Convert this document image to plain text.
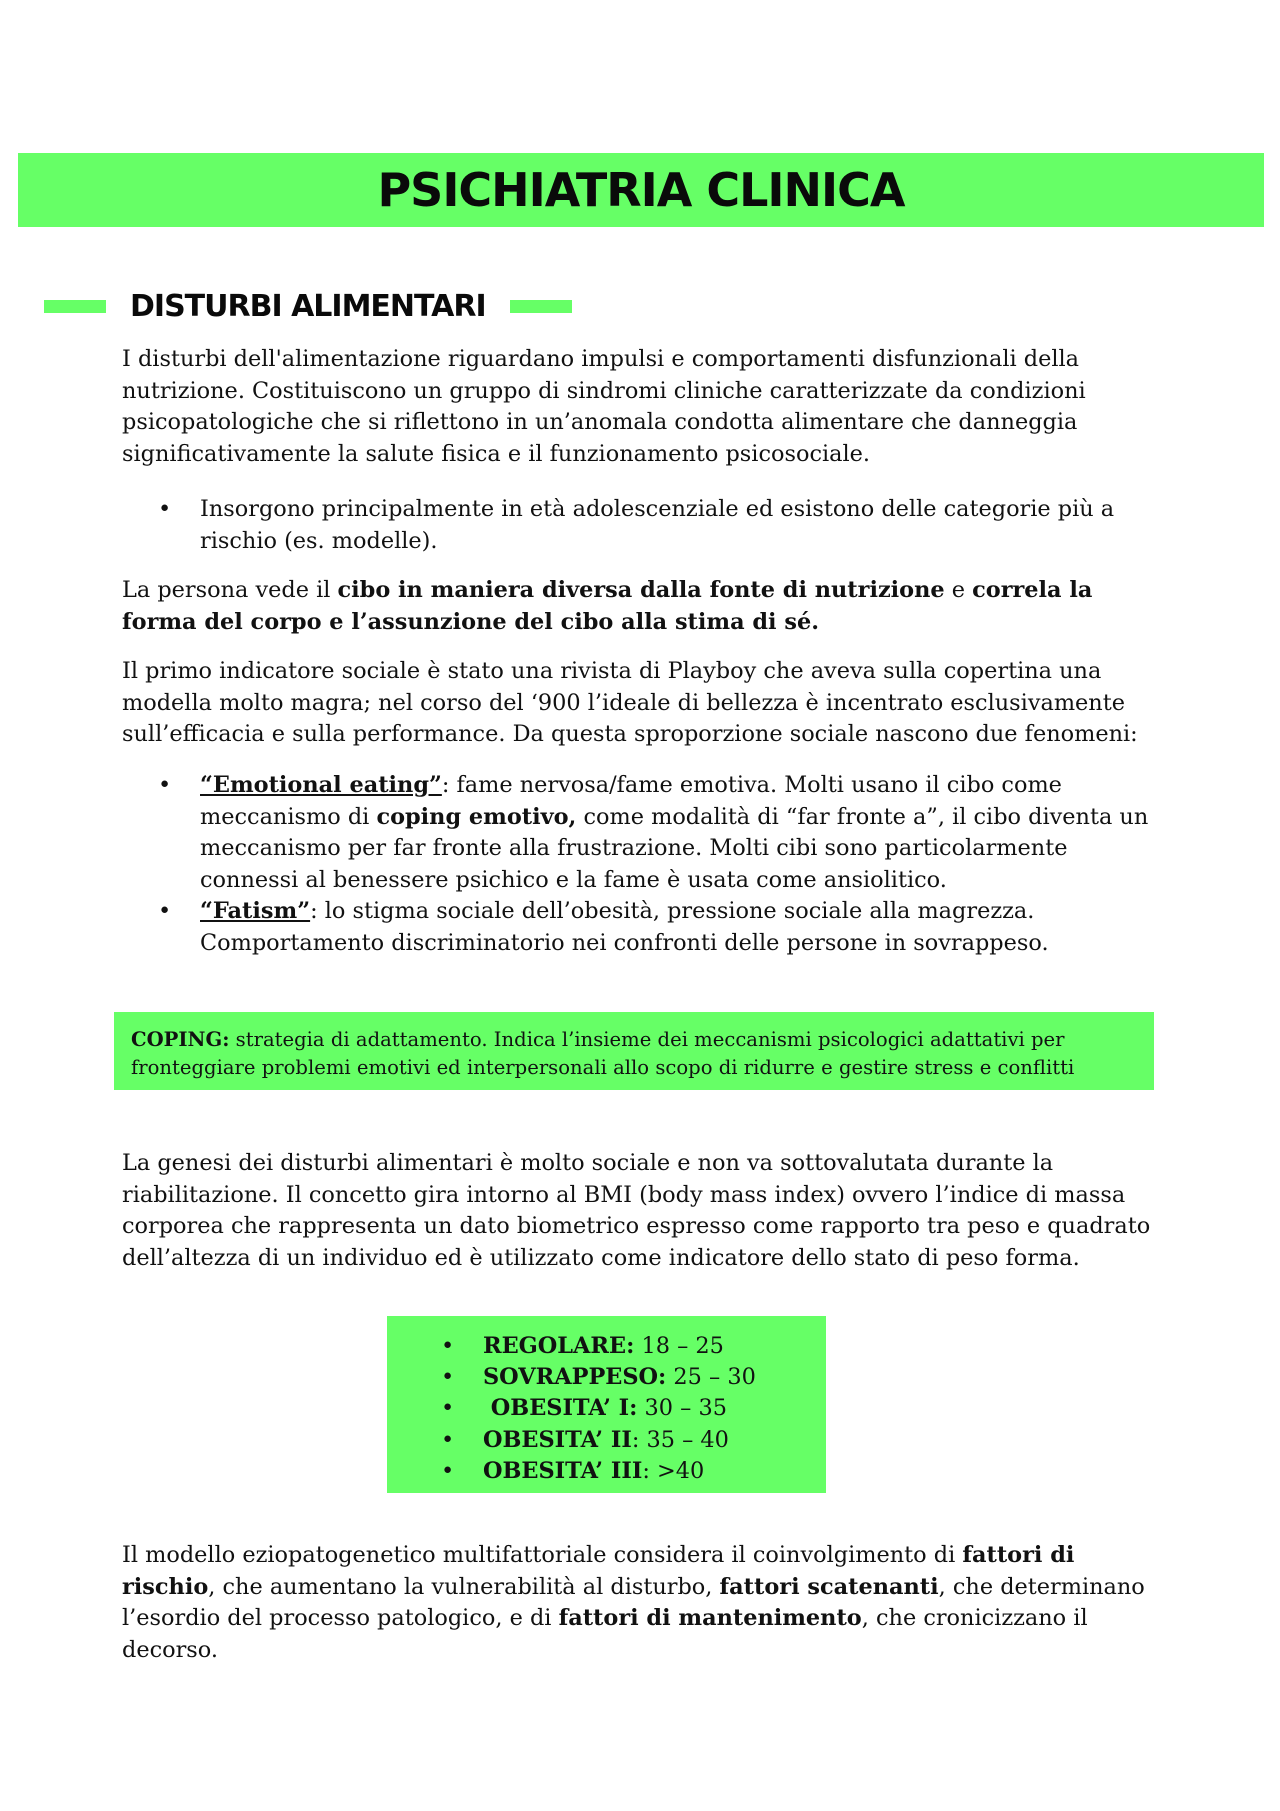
PSICHIATRIA CLINICA
DISTURBI ALIMENTARI

I disturbi dell'alimentazione riguardano impulsi e comportamenti disfunzionali della
nutrizione. Costituiscono un gruppo di sindromi cliniche caratterizzate da condizioni
psicopatologiche che si riflettono in un’anomala condotta alimentare che danneggia
significativamente la salute fisica e il funzionamento psicosociale.

• Insorgono principalmente in età adolescenziale ed esistono delle categorie più a
rischio (es. modelle).

La persona vede il cibo in maniera diversa dalla fonte di nutrizione e correla la
forma del corpo e l’assunzione del cibo alla stima di sé.

Il primo indicatore sociale è stato una rivista di Playboy che aveva sulla copertina una
modella molto magra; nel corso del ‘900 l’ideale di bellezza è incentrato esclusivamente
sull’efficacia e sulla performance. Da questa sproporzione sociale nascono due fenomeni:

• “Emotional eating”: fame nervosa/fame emotiva. Molti usano il cibo come
meccanismo di coping emotivo, come modalità di “far fronte a”, il cibo diventa un
meccanismo per far fronte alla frustrazione. Molti cibi sono particolarmente
connessi al benessere psichico e la fame è usata come ansiolitico.
• “Fatism”: lo stigma sociale dell’obesità, pressione sociale alla magrezza.
Comportamento discriminatorio nei confronti delle persone in sovrappeso.
COPING: strategia di adattamento. Indica l’insieme dei meccanismi psicologici adattativi per
fronteggiare problemi emotivi ed interpersonali allo scopo di ridurre e gestire stress e conflitti

La genesi dei disturbi alimentari è molto sociale e non va sottovalutata durante la
riabilitazione. Il concetto gira intorno al BMI (body mass index) ovvero l’indice di massa
corporea che rappresenta un dato biometrico espresso come rapporto tra peso e quadrato
dell’altezza di un individuo ed è utilizzato come indicatore dello stato di peso forma.

• REGOLARE: 18 – 25
• SOVRAPPESO: 25 – 30
•  OBESITA’ I: 30 – 35
• OBESITA’ II: 35 – 40
• OBESITA’ III: >40

Il modello eziopatogenetico multifattoriale considera il coinvolgimento di fattori di
rischio, che aumentano la vulnerabilità al disturbo, fattori scatenanti, che determinano
l’esordio del processo patologico, e di fattori di mantenimento, che cronicizzano il
decorso.
